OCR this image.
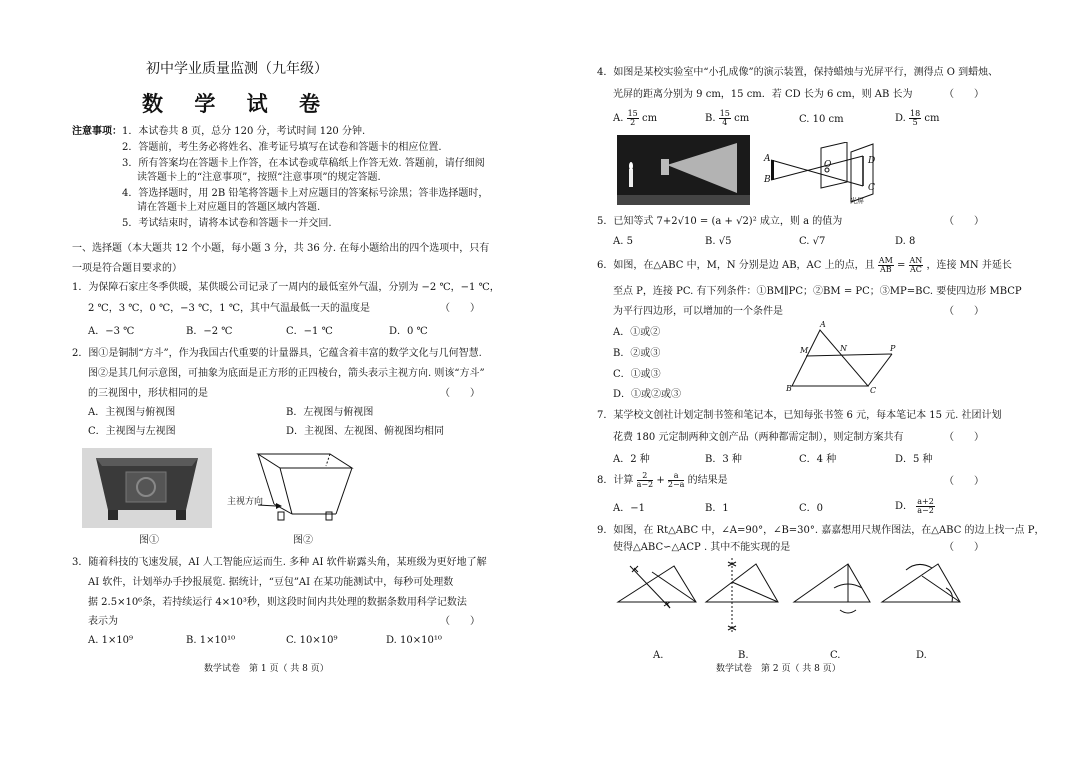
初中学业质量监测（九年级）
数 学 试 卷
注意事项： 1．本试卷共 8 页，总分 120 分，考试时间 120 分钟.
2．答题前，考生务必将姓名、准考证号填写在试卷和答题卡的相应位置.
3．所有答案均在答题卡上作答，在本试卷或草稿纸上作答无效. 答题前，请仔细阅
读答题卡上的“注意事项”，按照“注意事项”的规定答题.
4．答选择题时，用 2B 铅笔将答题卡上对应题目的答案标号涂黑；答非选择题时，
请在答题卡上对应题目的答题区域内答题.
5．考试结束时，请将本试卷和答题卡一并交回.
一、选择题（本大题共 12 个小题，每小题 3 分，共 36 分. 在每小题给出的四个选项中，只有
一项是符合题目要求的）
1．为保障石家庄冬季供暖，某供暖公司记录了一周内的最低室外气温，分别为 −2 ℃，−1 ℃，
2 ℃，3 ℃，0 ℃，−3 ℃，1 ℃，其中气温最低一天的温度是	（　　）
A．−3 ℃	B．−2 ℃	C．−1 ℃	D．0 ℃
2．图①是铜制“方斗”，作为我国古代重要的计量器具，它蕴含着丰富的数学文化与几何智慧.
图②是其几何示意图，可抽象为底面是正方形的正四棱台，箭头表示主视方向. 则该“方斗”
的三视图中，形状相同的是	（　　）
A．主视图与俯视图	B．左视图与俯视图
C．主视图与左视图	D．主视图、左视图、俯视图均相同
图①
主视方向
图②
3．随着科技的飞速发展，AI 人工智能应运而生. 多种 AI 软件崭露头角，某班级为更好地了解
AI 软件，计划举办手抄报展览. 据统计，“豆包”AI 在某功能测试中，每秒可处理数
据 2.5×10⁶条，若持续运行 4×10³秒，则这段时间内共处理的数据条数用科学记数法
表示为	（　　）
A. 1×10⁹	B. 1×10¹⁰	C. 10×10⁹	D. 10×10¹⁰
数学试卷　第 1 页（ 共 8 页）
4．如图是某校实验室中“小孔成像”的演示装置，保持蜡烛与光屏平行，测得点 O 到蜡烛、
光屏的距离分别为 9 cm，15 cm．若 CD 长为 6 cm，则 AB 长为	（　　）
A. $\frac{15}{2}$ cm	B. $\frac{15}{4}$ cm	C. 10 cm	D. $\frac{18}{5}$ cm
A
B
O	D
C
光屏
5．已知等式 7+2√10 = (a + √2)² 成立，则 a 的值为	（　　）
A. 5	B. √5	C. √7	D. 8
6．如图，在△ABC 中，M，N 分别是边 AB，AC 上的点，且 $\frac{AM}{AB} = \frac{AN}{AC}$ ，连接 MN 并延长
至点 P，连接 PC. 有下列条件：①BM∥PC；②BM = PC；③MP=BC. 要使四边形 MBCP
为平行四边形，可以增加的一个条件是	（　　）
A．①或②
B．②或③
C．①或③
D．①或②或③
A
M	N	P
B	C
7．某学校文创社计划定制书签和笔记本，已知每张书签 6 元，每本笔记本 15 元. 社团计划
花费 180 元定制两种文创产品（两种都需定制），则定制方案共有	（　　）
A．2 种	B．3 种	C．4 种	D．5 种
8．计算 $\frac{2}{a-2} + \frac{a}{2-a}$ 的结果是	（　　）
A．−1	B．1	C．0	D． $\frac{a+2}{a-2}$
9．如图，在 Rt△ABC 中，∠A=90°，∠B=30°. 嘉嘉想用尺规作图法，在△ABC 的边上找一点 P，
使得△ABC∽△ACP . 其中不能实现的是	（　　）
A.	B.	C.	D.
数学试卷　第 2 页（ 共 8 页）
